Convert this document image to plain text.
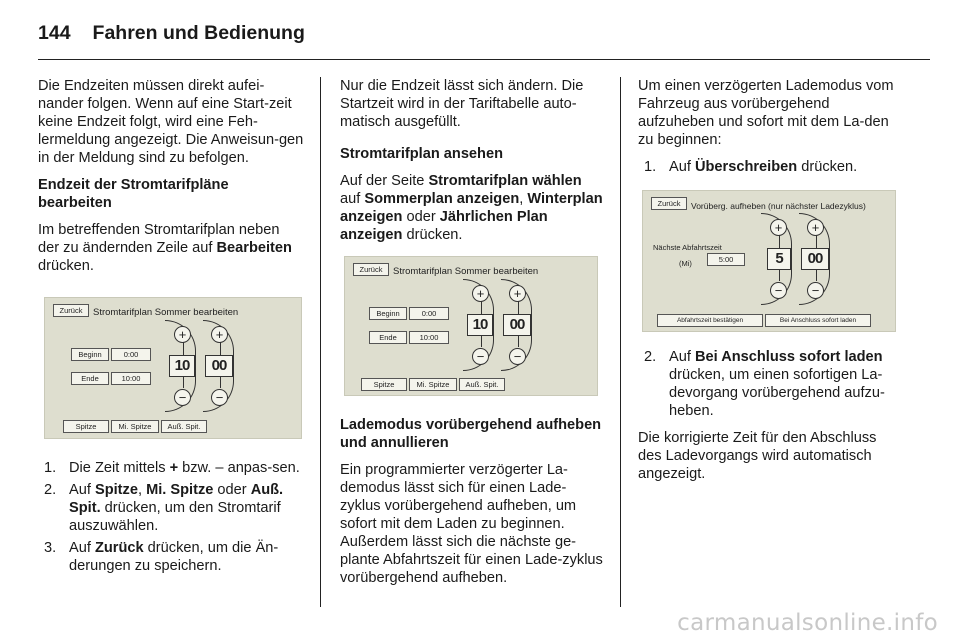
144 Fahren und Bedienung

Die Endzeiten müssen direkt aufei-nander folgen. Wenn auf eine Start-zeit keine Endzeit folgt, wird eine Feh-lermeldung angezeigt. Die Anweisun-gen in der Meldung sind zu befolgen.

Endzeit der Stromtarifpläne bearbeiten

Im betreffenden Stromtarifplan neben der zu ändernden Zeile auf Bearbeiten drücken.

Zurück	Stromtarifplan Sommer bearbeiten
Beginn	0:00
Ende	10:00
+	+
10	00
−	−
Spitze	Mi. Spitze	Auß. Spit.
1. Die Zeit mittels + bzw. – anpas-sen.
2. Auf Spitze, Mi. Spitze oder Auß. Spit. drücken, um den Stromtarif auszuwählen.
3. Auf Zurück drücken, um die Än-derungen zu speichern.

Nur die Endzeit lässt sich ändern. Die Startzeit wird in der Tariftabelle auto-matisch ausgefüllt.

Stromtarifplan ansehen

Auf der Seite Stromtarifplan wählen auf Sommerplan anzeigen, Winterplan anzeigen oder Jährlichen Plan anzeigen drücken.

Zurück	Stromtarifplan Sommer bearbeiten
Beginn	0:00
Ende	10:00
+	+
10	00
−	−
Spitze	Mi. Spitze	Auß. Spit.

Lademodus vorübergehend aufheben und annullieren

Ein programmierter verzögerter La-demodus lässt sich für einen Lade-zyklus vorübergehend aufheben, um sofort mit dem Laden zu beginnen. Außerdem lässt sich die nächste ge-plante Abfahrtszeit für einen Lade-zyklus vorübergehend aufheben.

Um einen verzögerten Lademodus vom Fahrzeug aus vorübergehend aufzuheben und sofort mit dem La-den zu beginnen:

1. Auf Überschreiben drücken.
Zurück	Vorüberg. aufheben (nur nächster Ladezyklus)
Nächste Abfahrtszeit
(Mi)	5:00
+	+
5	00
−	−
Abfahrtszeit bestätigen	Bei Anschluss sofort laden
2. Auf Bei Anschluss sofort laden drücken, um einen sofortigen La-devorgang vorübergehend aufzu-heben.

Die korrigierte Zeit für den Abschluss des Ladevorgangs wird automatisch angezeigt.

carmanualsonline.info
